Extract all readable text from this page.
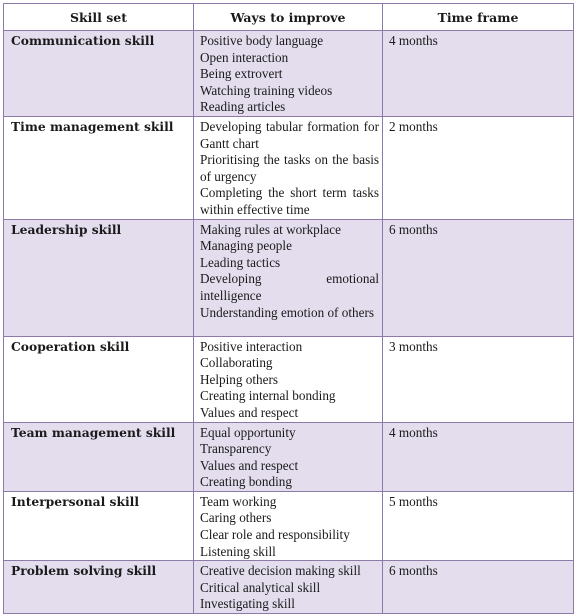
Skill set	Ways to improve	Time frame
Communication skill	Positive body language
Open interaction
Being extrovert
Watching training videos
Reading articles	4 months
Time management skill	Developing tabular formation for Gantt chart
Prioritising the tasks on the basis of urgency
Completing the short term tasks within effective time	2 months
Leadership skill	Making rules at workplace
Managing people
Leading tactics
Developing emotional intelligence
Understanding emotion of others	6 months
Cooperation skill	Positive interaction
Collaborating
Helping others
Creating internal bonding
Values and respect	3 months
Team management skill	Equal opportunity
Transparency
Values and respect
Creating bonding	4 months
Interpersonal skill	Team working
Caring others
Clear role and responsibility
Listening skill	5 months
Problem solving skill	Creative decision making skill
Critical analytical skill
Investigating skill	6 months
